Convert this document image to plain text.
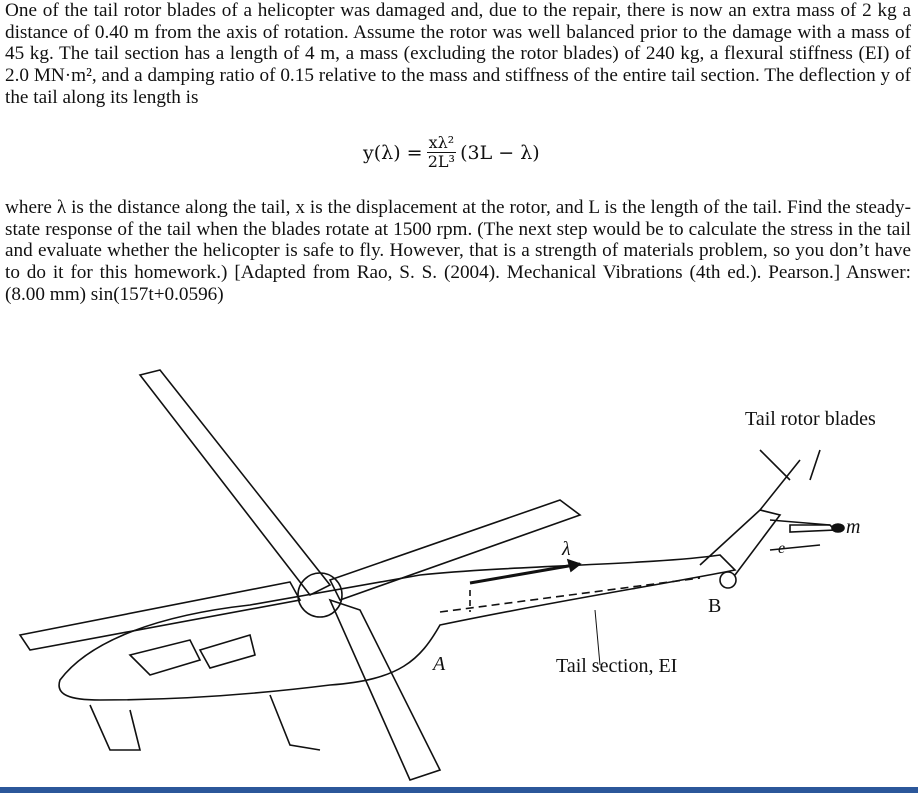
One of the tail rotor blades of a helicopter was damaged and, due to the repair, there is now an extra mass of 2 kg a distance of 0.40 m from the axis of rotation. Assume the rotor was well balanced prior to the damage with a mass of 45 kg. The tail section has a length of 4 m, a mass (excluding the rotor blades) of 240 kg, a flexural stiffness (EI) of 2.0 MN·m², and a damping ratio of 0.15 relative to the mass and stiffness of the entire tail section. The deflection y of the tail along its length is
$y(\lambda) = \frac{\text{xλ²}}{\text{2L³}} (3L - \lambda)$
where λ is the distance along the tail, x is the displacement at the rotor, and L is the length of the tail. Find the steady-state response of the tail when the blades rotate at 1500 rpm. (The next step would be to calculate the stress in the tail and evaluate whether the helicopter is safe to fly. However, that is a strength of materials problem, so you don’t have to do it for this homework.) [Adapted from Rao, S. S. (2004). Mechanical Vibrations (4th ed.). Pearson.] Answer: (8.00 mm) sin(157t+0.0596)
Tail rotor blades
m
e
λ
B
A	Tail section, EI
